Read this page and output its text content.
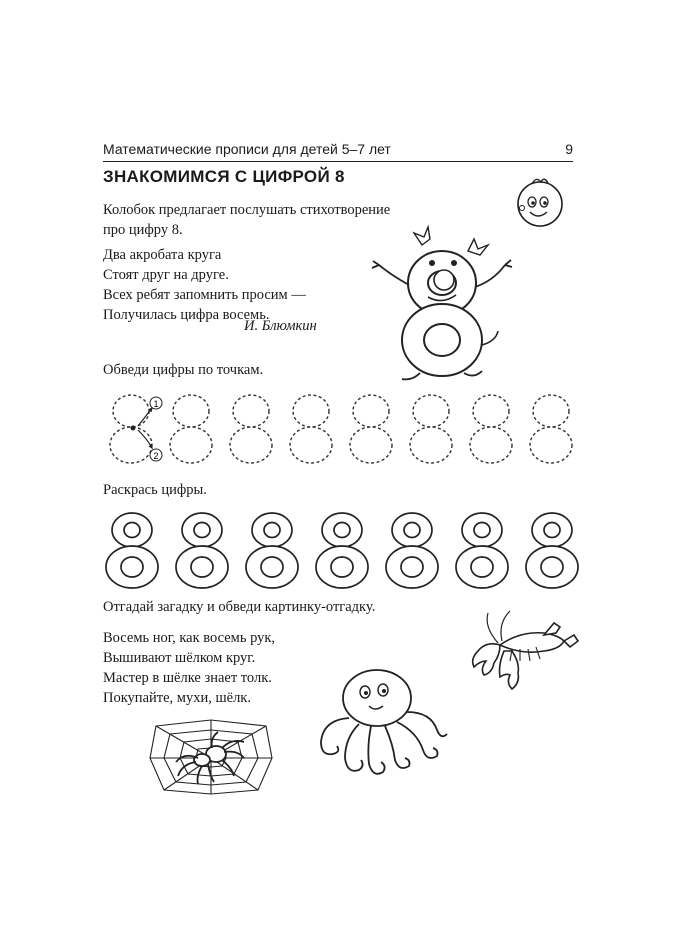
Математические прописи для детей 5–7 лет	9
ЗНАКОМИМСЯ С ЦИФРОЙ 8
Колобок предлагает послушать стихотворение
про цифру 8.
Два акробата круга
Стоят друг на друге.
Всех ребят запомнить просим —
Получилась цифра восемь.
И. Блюмкин
Обведи цифры по точкам.
1
2
Раскрась цифры.
Отгадай загадку и обведи картинку-отгадку.
Восемь ног, как восемь рук,
Вышивают шёлком круг.
Мастер в шёлке знает толк.
Покупайте, мухи, шёлк.
